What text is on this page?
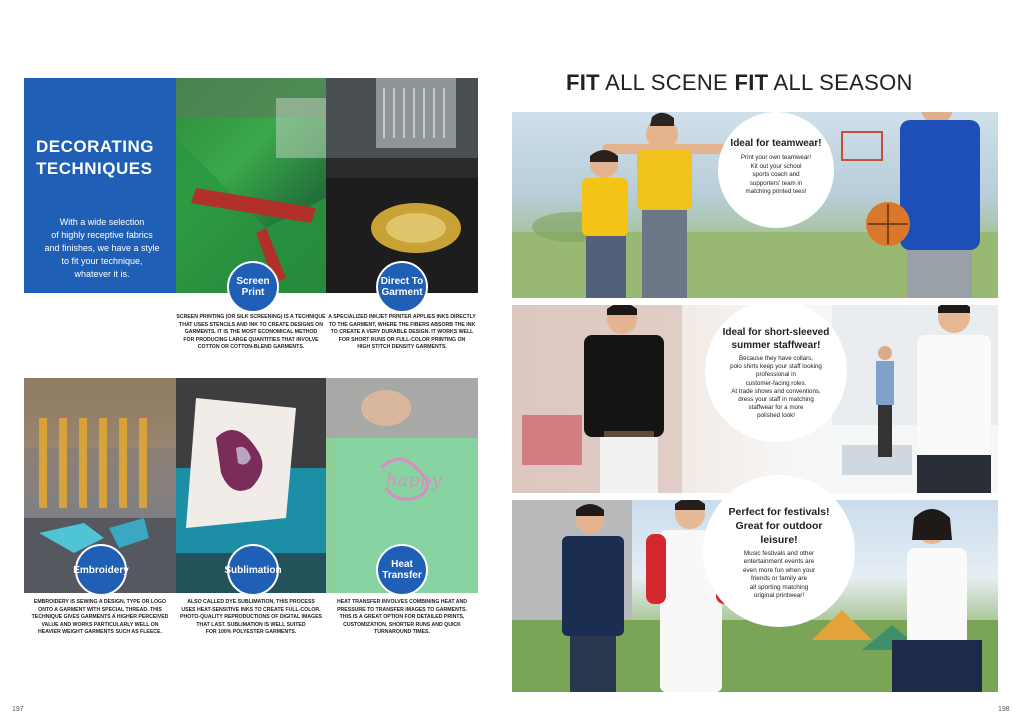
DECORATING
TECHNIQUES
With a wide selection
of highly receptive fabrics
and finishes, we have a style
to fit your technique,
whatever it is.
Screen
Print
Direct To
Garment
SCREEN PRINTING (OR SILK SCREENING) IS A TECHNIQUE
THAT USES STENCILS AND INK TO CREATE DESIGNS ON
GARMENTS. IT IS THE MOST ECONOMICAL METHOD
FOR PRODUCING LARGE QUANTITIES THAT INVOLVE
COTTON OR COTTON-BLEND GARMENTS.
A SPECIALIZED INKJET PRINTER APPLIES INKS DIRECTLY
TO THE GARMENT, WHERE THE FIBERS ABSORB THE INK
TO CREATE A VERY DURABLE DESIGN. IT WORKS WELL
FOR SHORT RUNS OR FULL-COLOR PRINTING ON
HIGH STITCH DENSITY GARMENTS.
happy
Embroidery	Sublimation	Heat
Transfer
EMBROIDERY IS SEWING A DESIGN, TYPE OR LOGO
ONTO A GARMENT WITH SPECIAL THREAD. THIS
TECHNIQUE GIVES GARMENTS A HIGHER PERCEIVED
VALUE AND WORKS PARTICULARLY WELL ON
HEAVIER WEIGHT GARMENTS SUCH AS FLEECE.
ALSO CALLED DYE SUBLIMATION, THIS PROCESS
USES HEAT-SENSITIVE INKS TO CREATE FULL-COLOR,
PHOTO-QUALITY REPRODUCTIONS OF DIGITAL IMAGES
THAT LAST. SUBLIMATION IS WELL SUITED
FOR 100% POLYESTER GARMENTS.
HEAT TRANSFER INVOLVES COMBINING HEAT AND
PRESSURE TO TRANSFER IMAGES TO GARMENTS.
THIS IS A GREAT OPTION FOR DETAILED PRINTS,
CUSTOMIZATION, SHORTER RUNS AND QUICK
TURNAROUND TIMES.
197
FIT ALL SCENE FIT ALL SEASON
Ideal for teamwear!
Print your own teamwear!
Kit out your school
sports coach and
supporters' team in
matching printed tees!
Ideal for short-sleeved
summer staffwear!
Because they have collars,
polo shirts keep your staff looking
professional in
customer-facing roles.
At trade shows and conventions,
dress your staff in matching
staffwear for a more
polished look!
Perfect for festivals!
Great for outdoor
leisure!
Music festivals and other
entertainment events are
even more fun when your
friends or family are
all sporting matching
original printwear!
198
